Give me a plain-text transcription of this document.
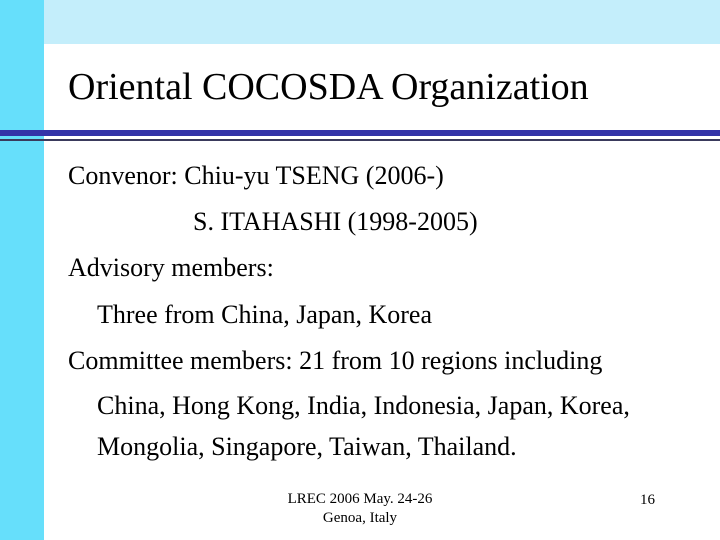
Oriental COCOSDA Organization
Convenor: Chiu-yu TSENG (2006-)
S. ITAHASHI (1998-2005)
Advisory members:
Three from China, Japan, Korea
Committee members: 21 from 10 regions including
China, Hong Kong, India, Indonesia, Japan, Korea,
Mongolia, Singapore, Taiwan, Thailand.
LREC 2006 May. 24-26
Genoa, Italy
16
